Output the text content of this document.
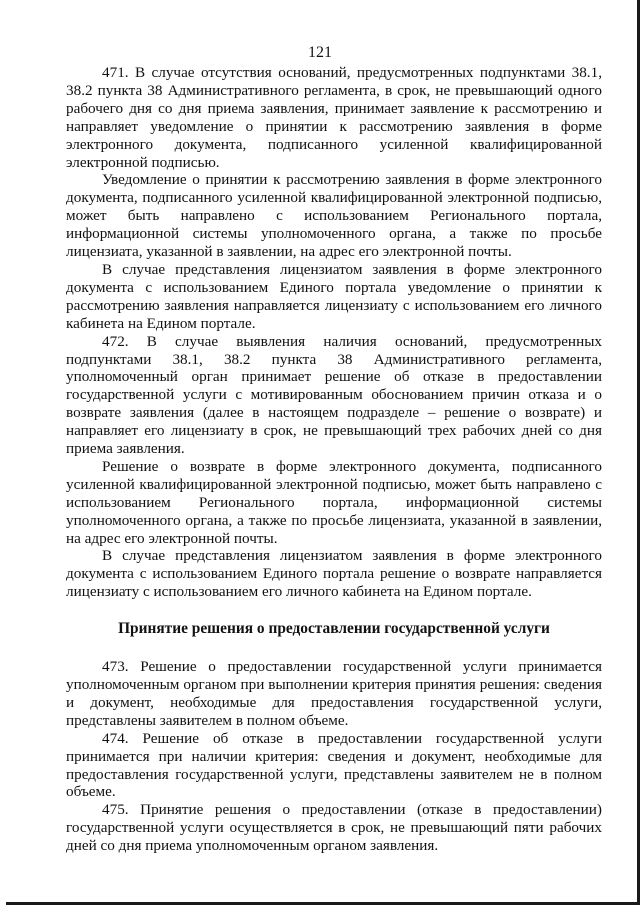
121

471. В случае отсутствия оснований, предусмотренных подпунктами 38.1, 38.2 пункта 38 Административного регламента, в срок, не превышающий одного рабочего дня со дня приема заявления, принимает заявление к рассмотрению и направляет уведомление о принятии к рассмотрению заявления в форме электронного документа, подписанного усиленной квалифицированной электронной подписью.

Уведомление о принятии к рассмотрению заявления в форме электронного документа, подписанного усиленной квалифицированной электронной подписью, может быть направлено с использованием Регионального портала, информационной системы уполномоченного органа, а также по просьбе лицензиата, указанной в заявлении, на адрес его электронной почты.

В случае представления лицензиатом заявления в форме электронного документа с использованием Единого портала уведомление о принятии к рассмотрению заявления направляется лицензиату с использованием его личного кабинета на Едином портале.

472. В случае выявления наличия оснований, предусмотренных подпунктами 38.1, 38.2 пункта 38 Административного регламента, уполномоченный орган принимает решение об отказе в предоставлении государственной услуги с мотивированным обоснованием причин отказа и о возврате заявления (далее в настоящем подразделе – решение о возврате) и направляет его лицензиату в срок, не превышающий трех рабочих дней со дня приема заявления.

Решение о возврате в форме электронного документа, подписанного усиленной квалифицированной электронной подписью, может быть направлено с использованием Регионального портала, информационной системы уполномоченного органа, а также по просьбе лицензиата, указанной в заявлении, на адрес его электронной почты.

В случае представления лицензиатом заявления в форме электронного документа с использованием Единого портала решение о возврате направляется лицензиату с использованием его личного кабинета на Едином портале.

Принятие решения о предоставлении государственной услуги

473. Решение о предоставлении государственной услуги принимается уполномоченным органом при выполнении критерия принятия решения: сведения и документ, необходимые для предоставления государственной услуги, представлены заявителем в полном объеме.

474. Решение об отказе в предоставлении государственной услуги принимается при наличии критерия: сведения и документ, необходимые для предоставления государственной услуги, представлены заявителем не в полном объеме.

475. Принятие решения о предоставлении (отказе в предоставлении) государственной услуги осуществляется в срок, не превышающий пяти рабочих дней со дня приема уполномоченным органом заявления.
